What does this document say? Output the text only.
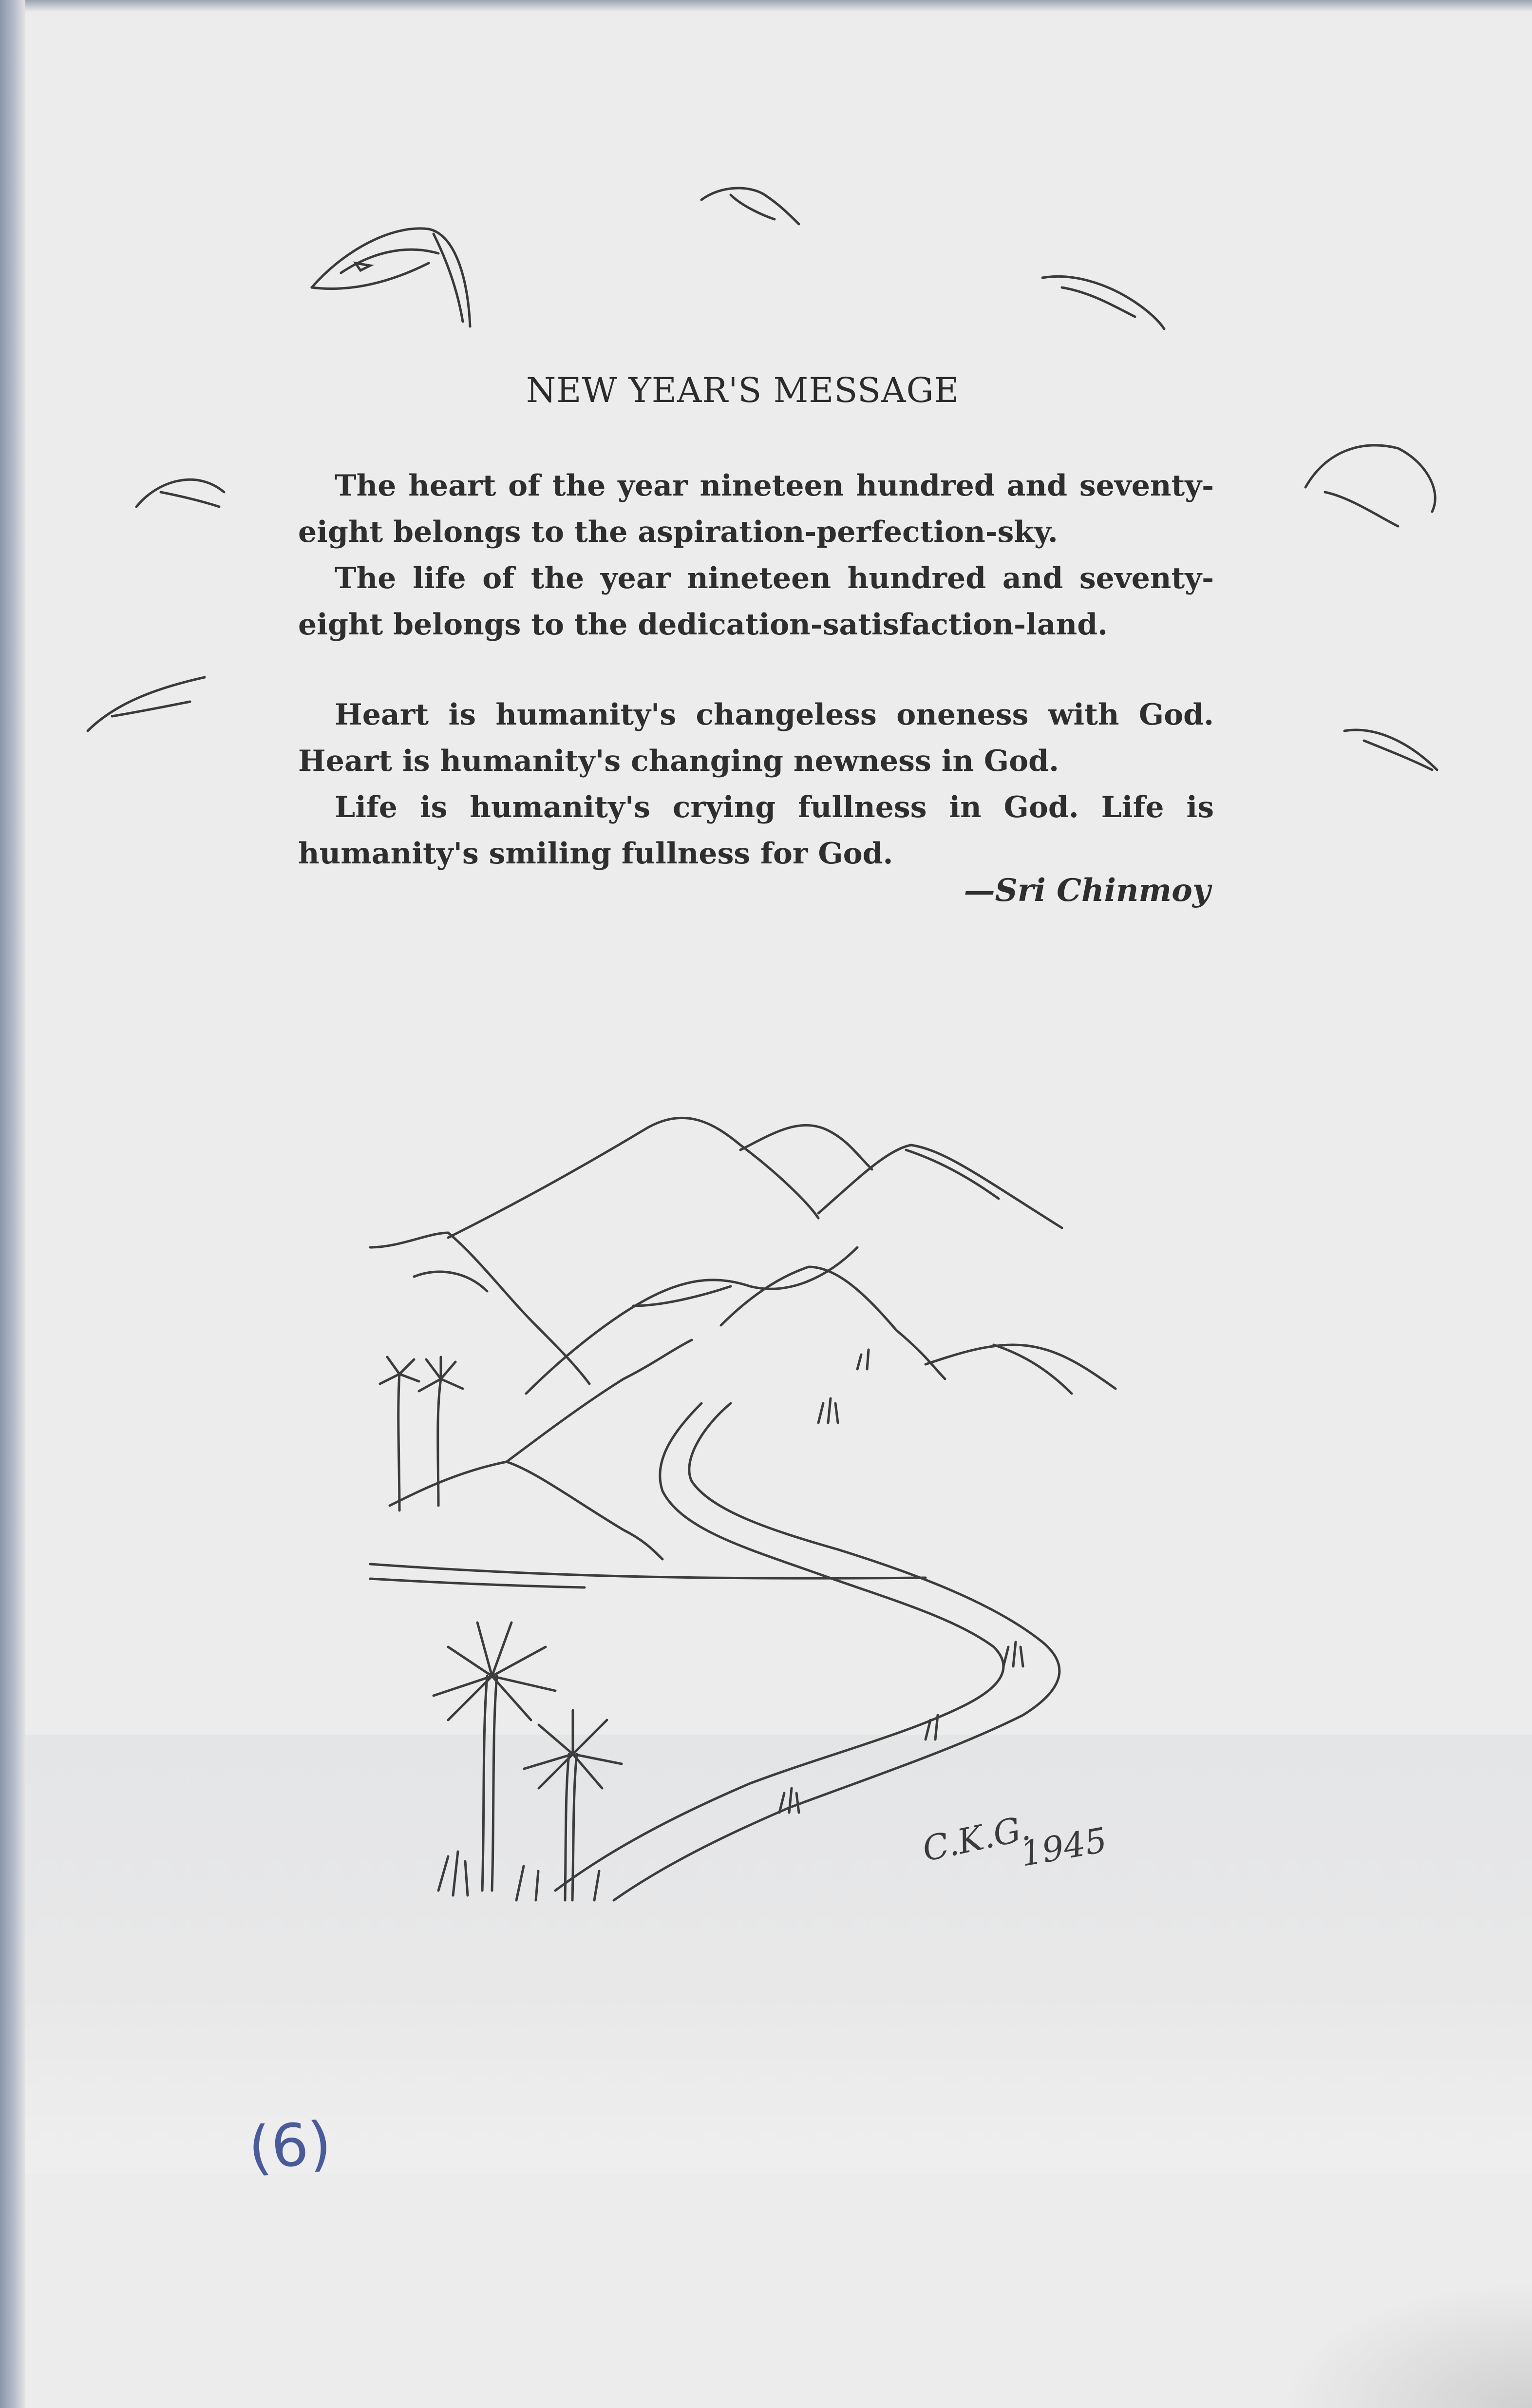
NEW YEAR'S MESSAGE

The heart of the year nineteen hundred and seventy-eight belongs to the aspiration-perfection-sky.

The life of the year nineteen hundred and seventy-eight belongs to the dedication-satisfaction-land.

Heart is humanity's changeless oneness with God. Heart is humanity's changing newness in God.

Life is humanity's crying fullness in God. Life is humanity's smiling fullness for God.

—Sri Chinmoy
C.K.G.
1945
(6)
